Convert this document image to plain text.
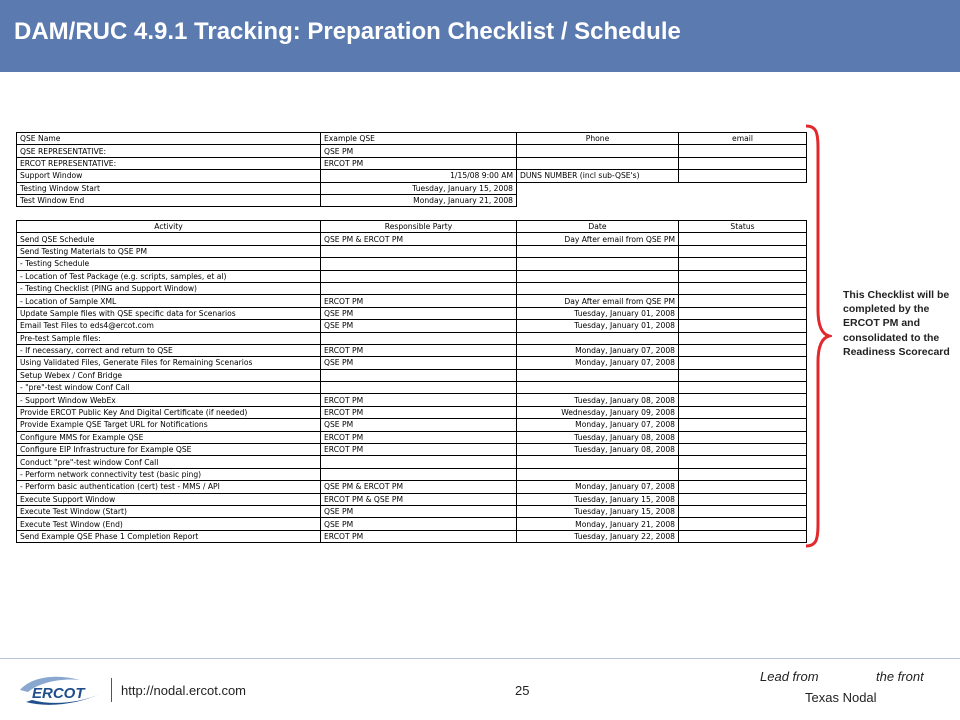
DAM/RUC 4.9.1 Tracking: Preparation Checklist / Schedule
QSE Name	Example QSE	Phone	email
QSE REPRESENTATIVE:	QSE PM		
ERCOT REPRESENTATIVE:	ERCOT PM		
Support Window	1/15/08 9:00 AM	DUNS NUMBER (incl sub-QSE's)	
Testing Window Start	Tuesday, January 15, 2008		
Test Window End	Monday, January 21, 2008		
Activity	Responsible Party	Date	Status
Send QSE Schedule	QSE PM & ERCOT PM	Day After email from QSE PM	
Send Testing Materials to QSE PM			
- Testing Schedule			
- Location of Test Package (e.g. scripts, samples, et al)			
- Testing Checklist (PING and Support Window)			
- Location of Sample XML	ERCOT PM	Day After email from QSE PM	
Update Sample files with QSE specific data for Scenarios	QSE PM	Tuesday, January 01, 2008	
Email Test Files to eds4@ercot.com	QSE PM	Tuesday, January 01, 2008	
Pre-test Sample files:			
- If necessary, correct and return to QSE	ERCOT PM	Monday, January 07, 2008	
Using Validated Files, Generate Files for Remaining Scenarios	QSE PM	Monday, January 07, 2008	
Setup Webex / Conf Bridge			
- "pre"-test window Conf Call			
- Support Window WebEx	ERCOT PM	Tuesday, January 08, 2008	
Provide ERCOT Public Key And Digital Certificate (if needed)	ERCOT PM	Wednesday, January 09, 2008	
Provide Example QSE Target URL for Notifications	QSE PM	Monday, January 07, 2008	
Configure MMS for Example QSE	ERCOT PM	Tuesday, January 08, 2008	
Configure EIP Infrastructure for Example QSE	ERCOT PM	Tuesday, January 08, 2008	
Conduct "pre"-test window Conf Call			
- Perform network connectivity test (basic ping)			
- Perform basic authentication (cert) test - MMS / API	QSE PM & ERCOT PM	Monday, January 07, 2008	
Execute Support Window	ERCOT PM & QSE PM	Tuesday, January 15, 2008	
Execute Test Window (Start)	QSE PM	Tuesday, January 15, 2008	
Execute Test Window (End)	QSE PM	Monday, January 21, 2008	
Send Example QSE Phase 1 Completion Report	ERCOT PM	Tuesday, January 22, 2008	
This Checklist will be completed by the ERCOT PM and consolidated to the Readiness Scorecard
ERCOT	http://nodal.ercot.com	25
Lead from	the front
Texas Nodal
